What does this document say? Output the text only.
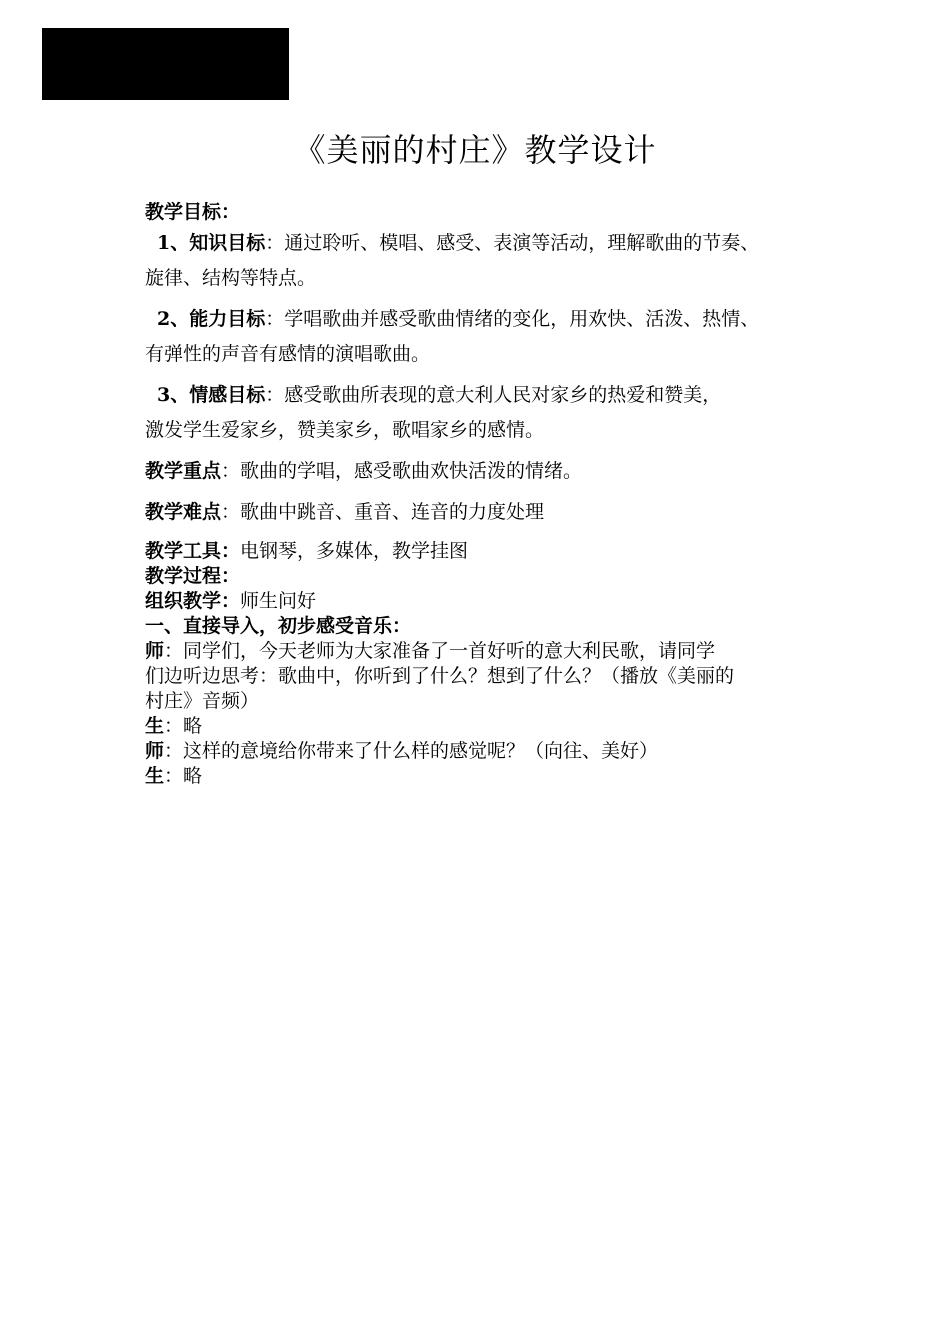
《美丽的村庄》教学设计

教学目标：

1、知识目标：通过聆听、模唱、感受、表演等活动，理解歌曲的节奏、

旋律、结构等特点。

2、能力目标：学唱歌曲并感受歌曲情绪的变化，用欢快、活泼、热情、

有弹性的声音有感情的演唱歌曲。

3、情感目标：感受歌曲所表现的意大利人民对家乡的热爱和赞美，

激发学生爱家乡，赞美家乡，歌唱家乡的感情。

教学重点：歌曲的学唱，感受歌曲欢快活泼的情绪。

教学难点：歌曲中跳音、重音、连音的力度处理

教学工具：电钢琴，多媒体，教学挂图

教学过程：

组织教学：师生问好

一、直接导入，初步感受音乐：

师：同学们，今天老师为大家准备了一首好听的意大利民歌，请同学

们边听边思考：歌曲中，你听到了什么？想到了什么？（播放《美丽的

村庄》音频）

生：略

师：这样的意境给你带来了什么样的感觉呢？（向往、美好）

生：略
